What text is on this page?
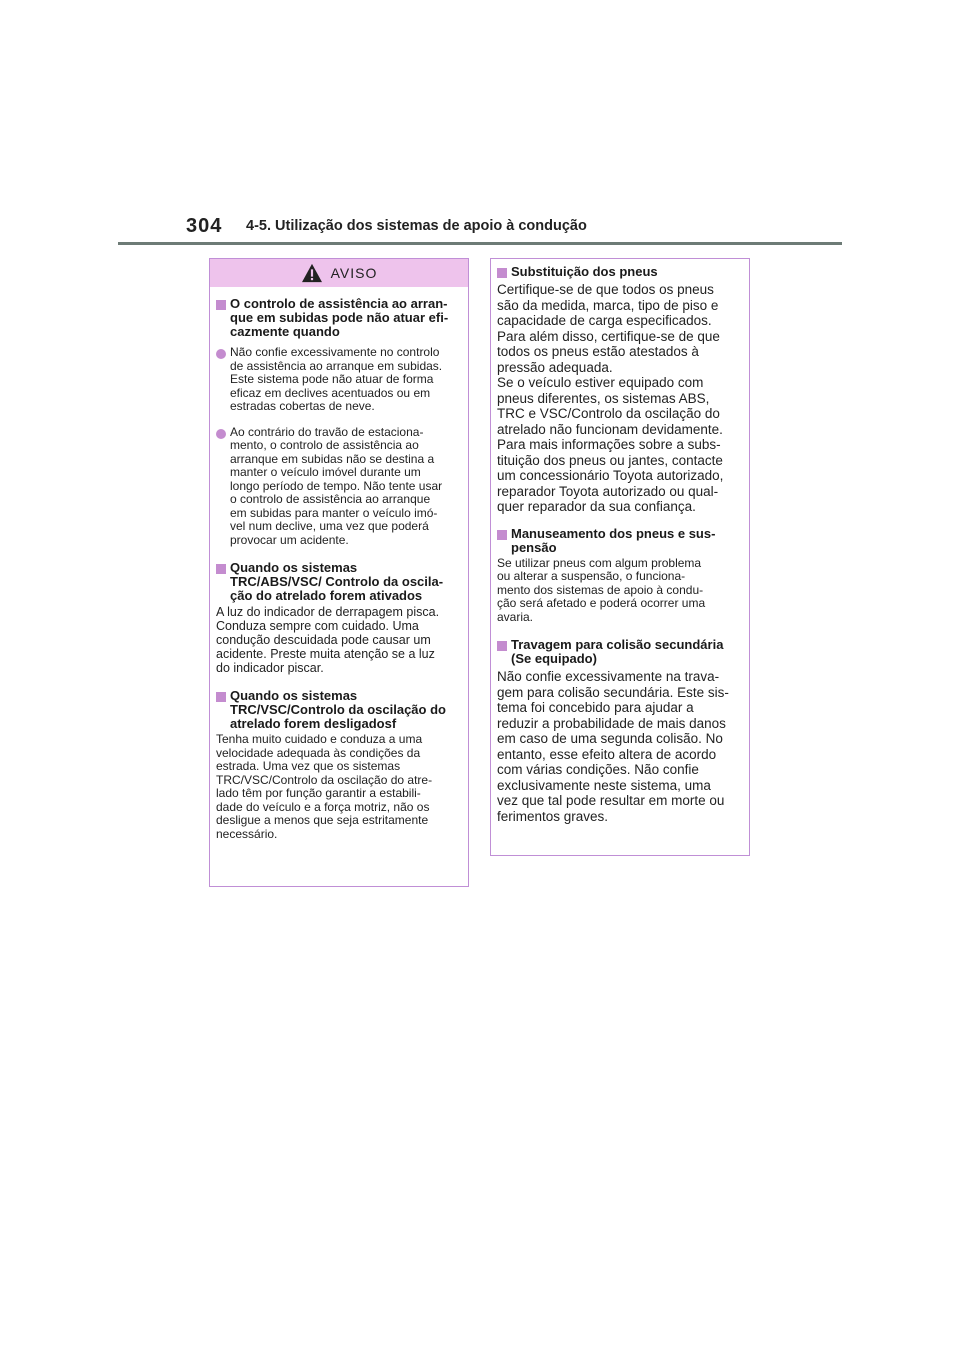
304 4-5. Utilização dos sistemas de apoio à condução
AVISO
O controlo de assistência ao arran-
que em subidas pode não atuar efi-
cazmente quando
Não confie excessivamente no controlo
de assistência ao arranque em subidas.
Este sistema pode não atuar de forma
eficaz em declives acentuados ou em
estradas cobertas de neve.
Ao contrário do travão de estaciona-
mento, o controlo de assistência ao
arranque em subidas não se destina a
manter o veículo imóvel durante um
longo período de tempo. Não tente usar
o controlo de assistência ao arranque
em subidas para manter o veículo imó-
vel num declive, uma vez que poderá
provocar um acidente.
Quando os sistemas
TRC/ABS/VSC/ Controlo da oscila-
ção do atrelado forem ativados
A luz do indicador de derrapagem pisca.
Conduza sempre com cuidado. Uma
condução descuidada pode causar um
acidente. Preste muita atenção se a luz
do indicador piscar.
Quando os sistemas
TRC/VSC/Controlo da oscilação do
atrelado forem desligadosf
Tenha muito cuidado e conduza a uma
velocidade adequada às condições da
estrada. Uma vez que os sistemas
TRC/VSC/Controlo da oscilação do atre-
lado têm por função garantir a estabili-
dade do veículo e a força motriz, não os
desligue a menos que seja estritamente
necessário.
Substituição dos pneus
Certifique-se de que todos os pneus
são da medida, marca, tipo de piso e
capacidade de carga especificados.
Para além disso, certifique-se de que
todos os pneus estão atestados à
pressão adequada.
Se o veículo estiver equipado com
pneus diferentes, os sistemas ABS,
TRC e VSC/Controlo da oscilação do
atrelado não funcionam devidamente.
Para mais informações sobre a subs-
tituição dos pneus ou jantes, contacte
um concessionário Toyota autorizado,
reparador Toyota autorizado ou qual-
quer reparador da sua confiança.
Manuseamento dos pneus e sus-
pensão
Se utilizar pneus com algum problema
ou alterar a suspensão, o funciona-
mento dos sistemas de apoio à condu-
ção será afetado e poderá ocorrer uma
avaria.
Travagem para colisão secundária
(Se equipado)
Não confie excessivamente na trava-
gem para colisão secundária. Este sis-
tema foi concebido para ajudar a
reduzir a probabilidade de mais danos
em caso de uma segunda colisão. No
entanto, esse efeito altera de acordo
com várias condições. Não confie
exclusivamente neste sistema, uma
vez que tal pode resultar em morte ou
ferimentos graves.
